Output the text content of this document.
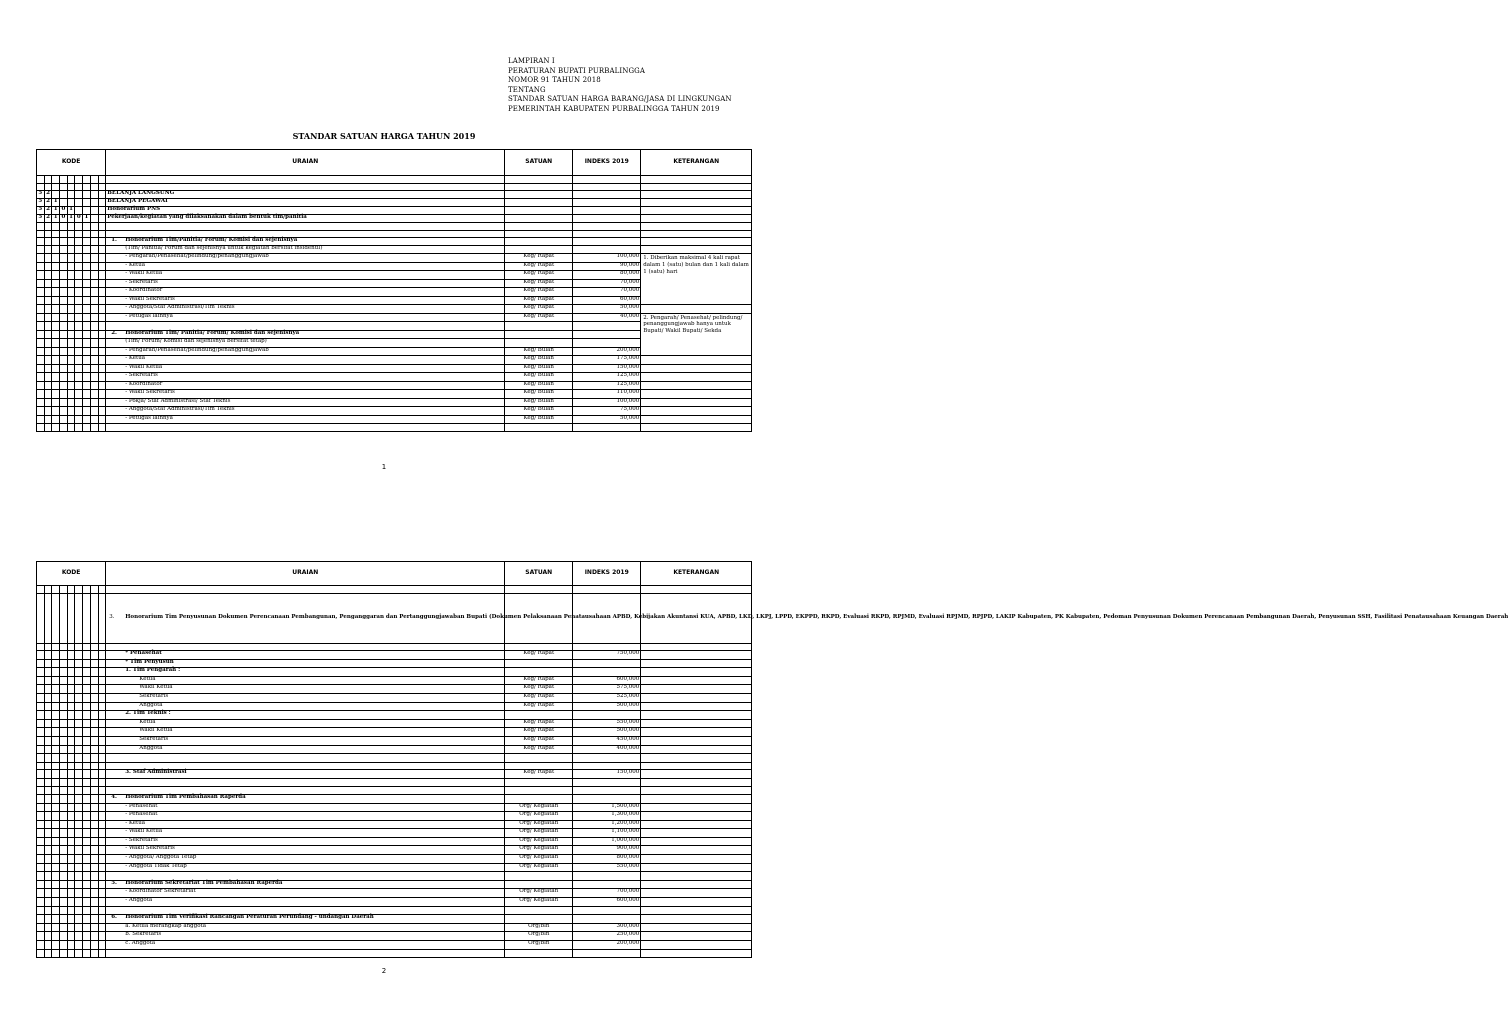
LAMPIRAN I
PERATURAN BUPATI PURBALINGGA
NOMOR 91 TAHUN 2018
TENTANG
STANDAR SATUAN HARGA BARANG/JASA DI LINGKUNGAN
PEMERINTAH KABUPATEN PURBALINGGA TAHUN 2019
STANDAR SATUAN HARGA TAHUN 2019
KODE									URAIAN	SATUAN	INDEKS 2019	KETERANGAN

5	2								BELANJA LANGSUNG			
5	2	1							BELANJA PEGAWAI			
5	2	1	0	1					Honorarium PNS			
5	2	1	0	1	0	1			Pekerjaan/kegiatan yang dilaksanakan dalam bentuk tim/panitia			

									1. Honorarium Tim/Panitia/ Forum/ Komisi dan sejenisnya			
									(Tim/ Panitia/ Forum dan sejenisnya untuk kegiatan bersifat insidentil)			
									- Pengarah/Penasehat/pelindung/penanggungjawab	Keg/ Rapat	100,000	1. Diberikan maksimal 4 kali rapat dalam 1 (satu) bulan dan 1 kali dalam 1 (satu) hari
									- Ketua	Keg/ Rapat	90,000	
									- Wakil Ketua	Keg/ Rapat	80,000	
									- Sekretaris	Keg/ Rapat	70,000	
									- Koordinator	Keg/ Rapat	70,000	
									- Wakil Sekretaris	Keg/ Rapat	60,000	
									- Anggota/Staf Administrasi/Tim Teknis	Keg/ Rapat	50,000	
									- Petugas lainnya	Keg/ Rapat	40,000	2. Pengarah/ Penasehat/ pelindung/ penanggungjawab hanya untuk Bupati/ Wakil Bupati/ Sekda

									2. Honorarium Tim/ Panitia/ Forum/ Komisi dan sejenisnya			
									(Tim/ Forum/ Komisi dan sejenisnya bersifat tetap)			
									- Pengarah/Penasehat/pelindung/penanggungjawab	Keg/ Bulan	200,000	
									- Ketua	Keg/ Bulan	175,000	
									- Wakil Ketua	Keg/ Bulan	150,000	
									- Sekretaris	Keg/ Bulan	125,000	
									- Koordinator	Keg/ Bulan	125,000	
									- Wakil Sekretaris	Keg/ Bulan	110,000	
									- Pokja/ Staf Administrasi/ Staf Teknis	Keg/ Bulan	100,000	
									- Anggota/Staf Administrasi/Tim Teknis	Keg/ Bulan	75,000	
									- Petugas lainnya	Keg/ Bulan	50,000	

1
KODE									URAIAN	SATUAN	INDEKS 2019	KETERANGAN

									3. Honorarium Tim Penyusunan Dokumen Perencanaan Pembangunan, Penganggaran dan Pertanggungjawaban Bupati (Dokumen Pelaksanaan Penatausahaan APBD, Kebijakan Akuntansi KUA, APBD, LKD, LKPJ, LPPD, EKPPD, RKPD, Evaluasi RKPD, RPJMD, Evaluasi RPJMD, RPJPD, LAKIP Kabupaten, PK Kabupaten, Pedoman Penyusunan Dokumen Perencanaan Pembangunan Daerah, Penyusunan SSH, Fasilitasi Penatausahaan Keuangan Daerah			

									* Penasehat	Keg/ Rapat	750,000	
									* Tim Penyusun			
									1. Tim Pengarah :			
									Ketua	Keg/ Rapat	600,000	
									Wakil Ketua	Keg/ Rapat	575,000	
									Sekretaris	Keg/ Rapat	525,000	
									Anggota	Keg/ Rapat	500,000	
									2. Tim Teknis :			
									Ketua	Keg/ Rapat	550,000	
									Wakil Ketua	Keg/ Rapat	500,000	
									Sekretaris	Keg/ Rapat	450,000	
									Anggota	Keg/ Rapat	400,000	

									3. Staf Administrasi	Keg/ Rapat	150,000	

									4. Honorarium Tim Pembahasan Raperda			
									- Penasehat	Org/ Kegiatan	1,500,000	
									- Penasehat	Org/ Kegiatan	1,300,000	
									- Ketua	Org/ Kegiatan	1,200,000	
									- Wakil Ketua	Org/ Kegiatan	1,100,000	
									- Sekretaris	Org/ Kegiatan	1,000,000	
									- Wakil Sekretaris	Org/ Kegiatan	900,000	
									- Anggota/ Anggota Tetap	Org/ Kegiatan	800,000	
									- Anggota Tidak Tetap	Org/ Kegiatan	550,000	

									5. Honorarium Sekretariat Tim Pembahasan Raperda			
									- Koordinator Sekretariat	Org/ Kegiatan	700,000	
									- Anggota	Org/ Kegiatan	600,000	

									6. Honorarium Tim Verifikasi Rancangan Peraturan Perundang - undangan Daerah			
									a. Ketua merangkap anggota	Org/bln	300,000	
									b. Sekretaris	Org/bln	250,000	
									c. Anggota	Org/bln	200,000	

2
